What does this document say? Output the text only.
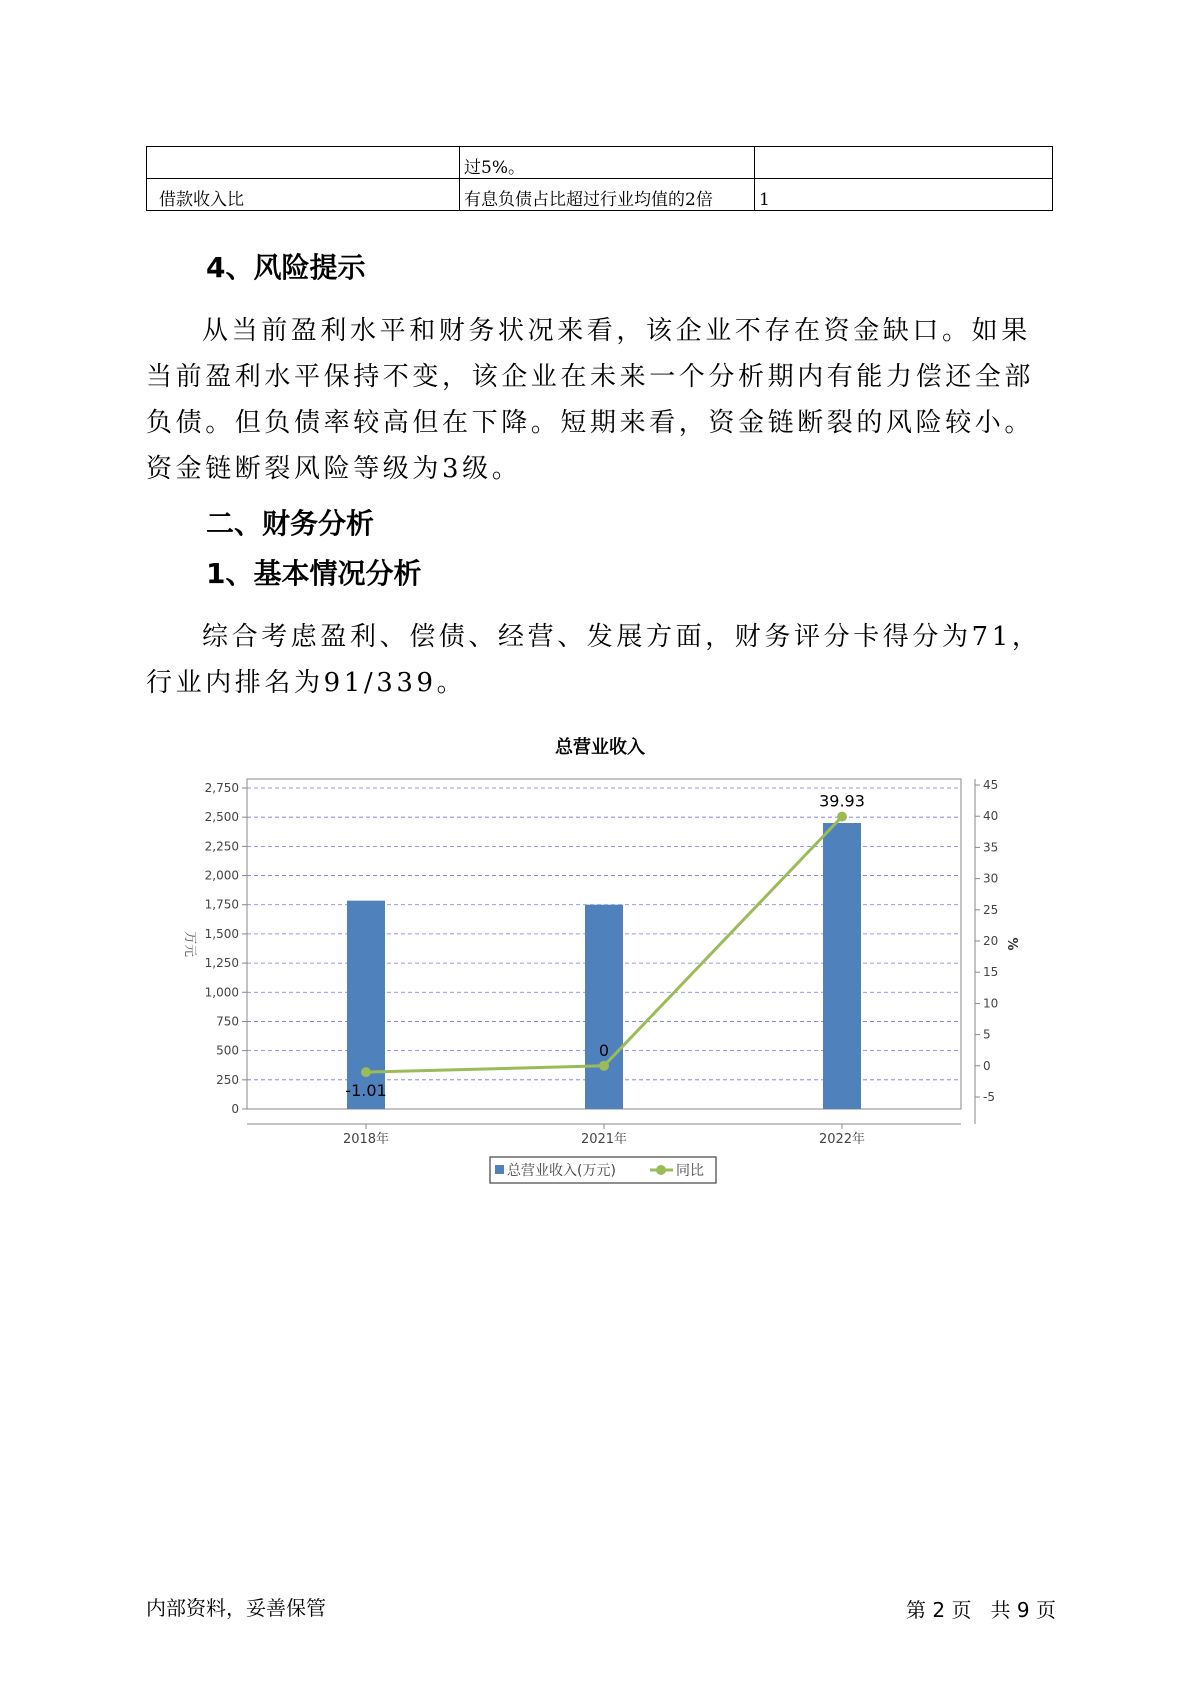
	过5%。	
借款收入比	有息负债占比超过行业均值的2倍	1
4、风险提示
从当前盈利水平和财务状况来看，该企业不存在资金缺口。如果当前盈利水平保持不变，该企业在未来一个分析期内有能力偿还全部负债。但负债率较高但在下降。短期来看，资金链断裂的风险较小。资金链断裂风险等级为3级。
二、财务分析
1、基本情况分析
综合考虑盈利、偿债、经营、发展方面，财务评分卡得分为71，行业内排名为91/339。
总营业收入
0
250
500
750
1,000
1,250
1,500
1,750
2,000
2,250
2,500
2,750
-5
0
5
10
15
20
25
30
35
40
45
万元	%
2018年	2021年	2022年
-1.01
0
39.93
总营业收入(万元)	同比
内部资料，妥善保管	第 2 页   共 9 页
